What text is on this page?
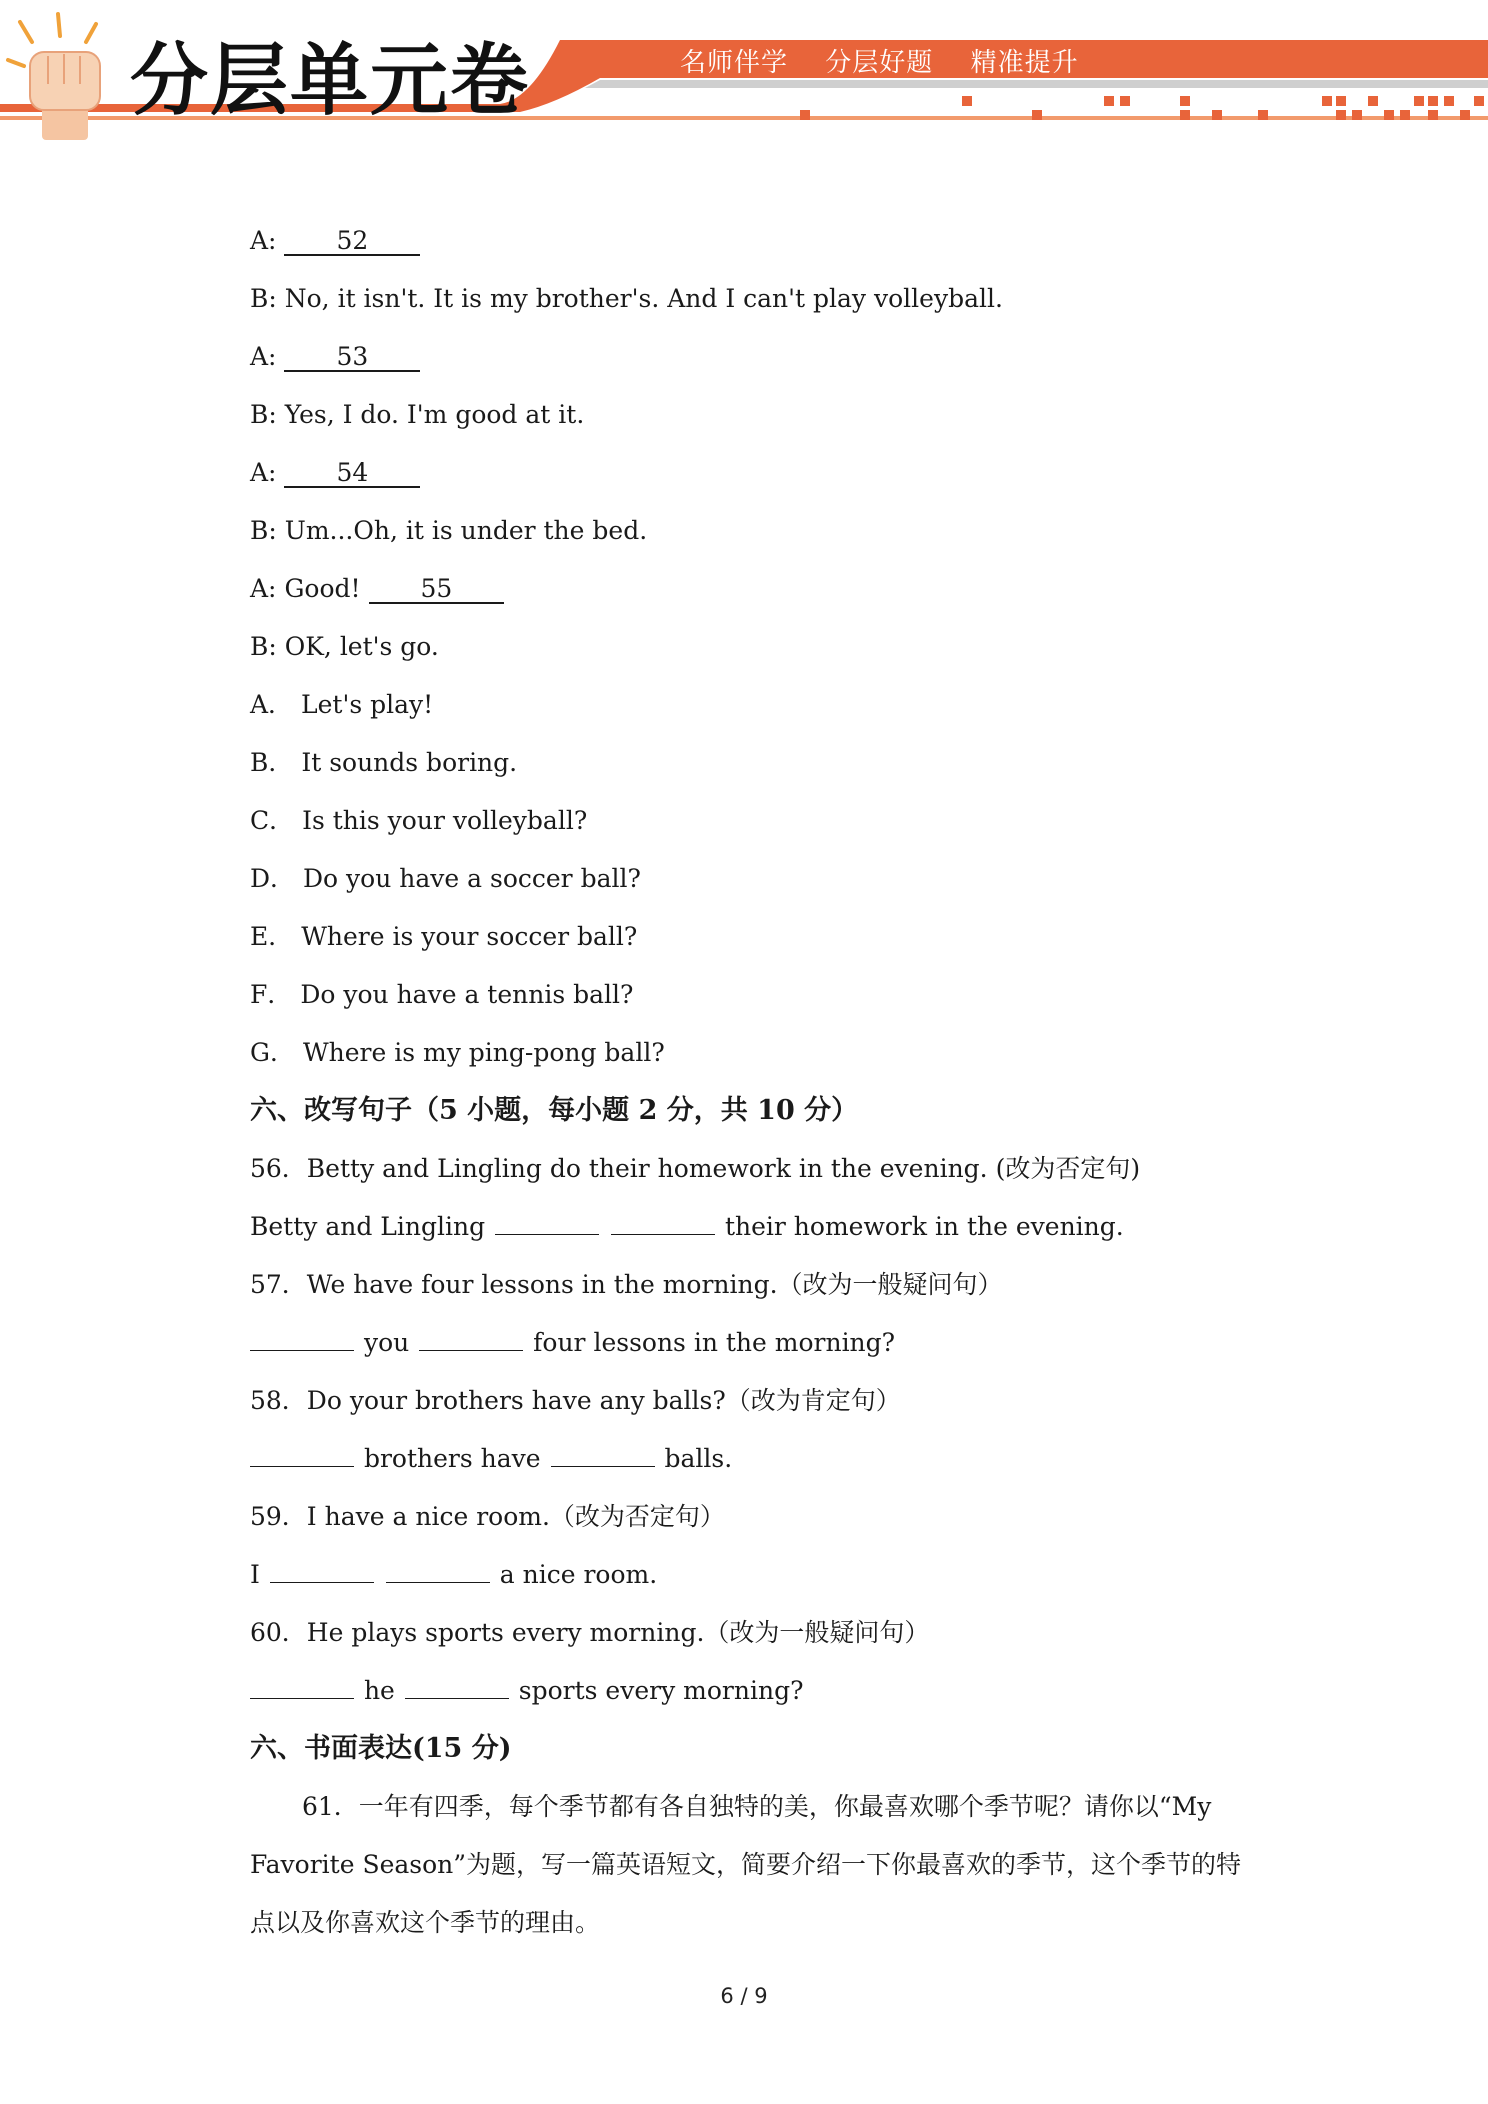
分层单元卷	名师伴学 分层好题 精准提升
A: 52
B: No, it isn't. It is my brother's. And I can't play volleyball.
A: 53
B: Yes, I do. I'm good at it.
A: 54
B: Um...Oh, it is under the bed.
A: Good! 55
B: OK, let's go.
A． Let's play!
B． It sounds boring.
C． Is this your volleyball?
D． Do you have a soccer ball?
E． Where is your soccer ball?
F． Do you have a tennis ball?
G． Where is my ping-pong ball?
六、改写句子（5 小题，每小题 2 分，共 10 分）
56．Betty and Lingling do their homework in the evening. (改为否定句)
Betty and Lingling	their homework in the evening.
57．We have four lessons in the morning.（改为一般疑问句）
you	four lessons in the morning?
58．Do your brothers have any balls?（改为肯定句）
brothers have	balls.
59．I have a nice room.（改为否定句）
I	a nice room.
60．He plays sports every morning.（改为一般疑问句）
he	sports every morning?
六、书面表达(15 分)
61．一年有四季，每个季节都有各自独特的美，你最喜欢哪个季节呢？请你以“My Favorite Season”为题，写一篇英语短文，简要介绍一下你最喜欢的季节，这个季节的特点以及你喜欢这个季节的理由。
6 / 9
